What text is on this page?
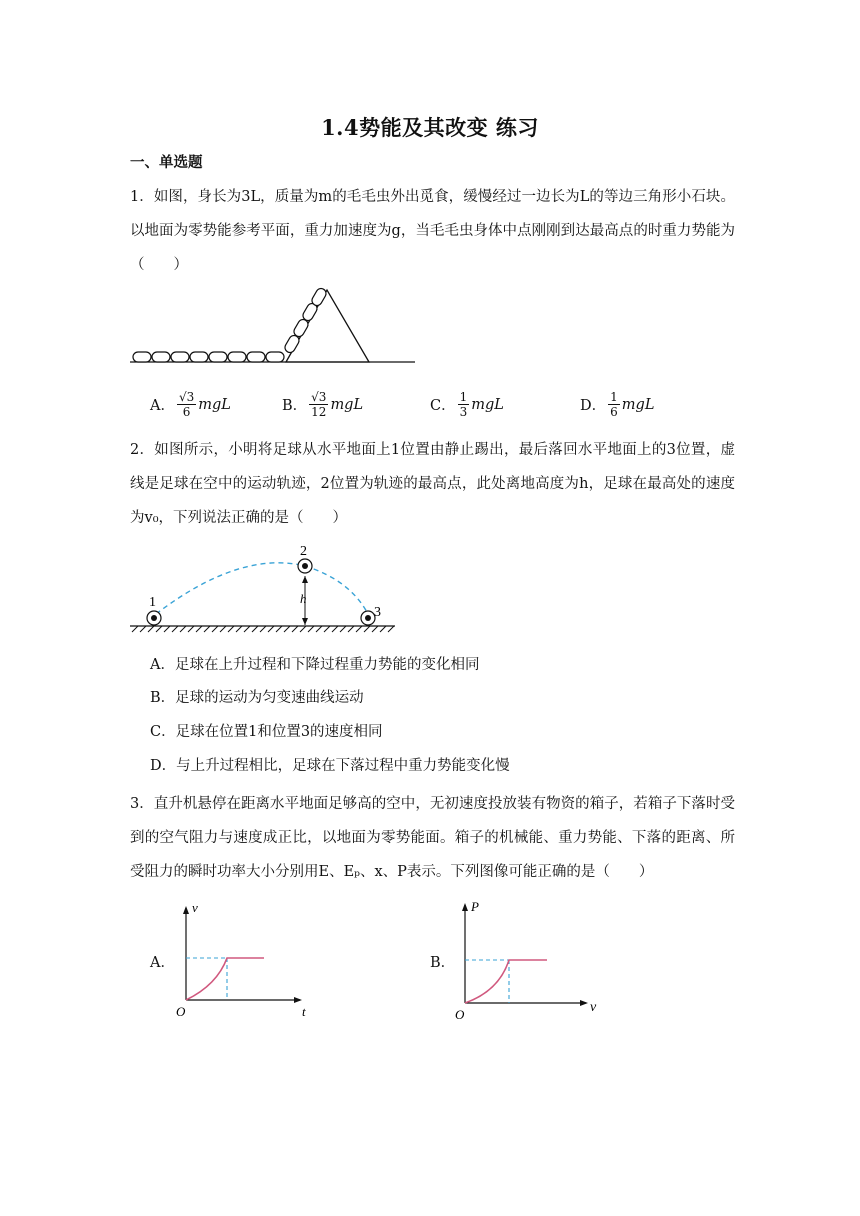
1.4势能及其改变 练习
一、单选题
1．如图，身长为3L，质量为m的毛毛虫外出觅食，缓慢经过一边长为L的等边三角形小石块。以地面为零势能参考平面，重力加速度为g，当毛毛虫身体中点刚刚到达最高点的时重力势能为（　　）
A． $\frac{√3}{6}$ mgL	B． $\frac{√3}{12}$ mgL	C． $\frac{1}{3}$ mgL	D． $\frac{1}{6}$ mgL
2．如图所示，小明将足球从水平地面上1位置由静止踢出，最后落回水平地面上的3位置，虚线是足球在空中的运动轨迹，2位置为轨迹的最高点，此处离地高度为h，足球在最高处的速度为v₀，下列说法正确的是（　　）
1
2
3
h
A．足球在上升过程和下降过程重力势能的变化相同
B．足球的运动为匀变速曲线运动
C．足球在位置1和位置3的速度相同
D．与上升过程相比，足球在下落过程中重力势能变化慢
3．直升机悬停在距离水平地面足够高的空中，无初速度投放装有物资的箱子，若箱子下落时受到的空气阻力与速度成正比，以地面为零势能面。箱子的机械能、重力势能、下落的距离、所受阻力的瞬时功率大小分别用E、Eₚ、x、P表示。下列图像可能正确的是（　　）
A．
v
t
O
B．
P
v
O
